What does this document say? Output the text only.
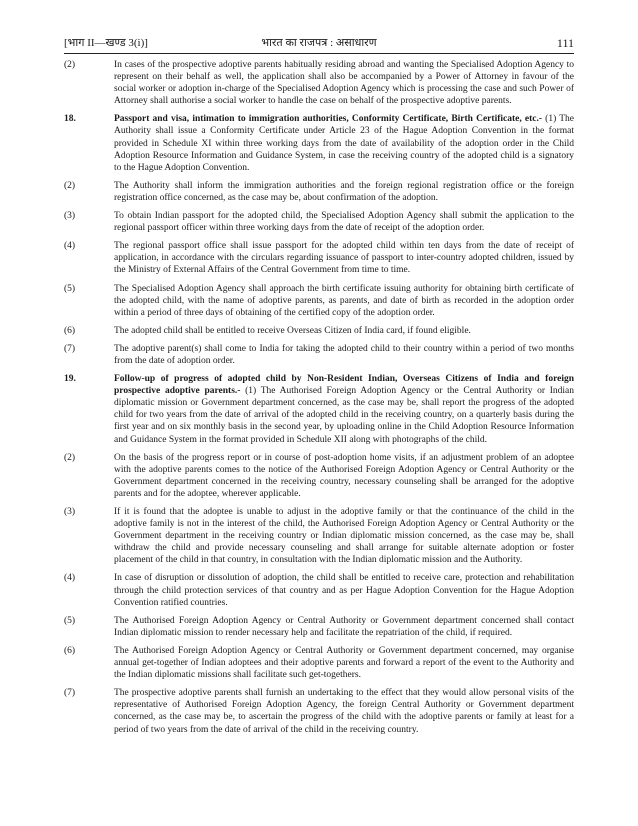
[भाग II—खण्ड 3(i)]	भारत का राजपत्र : असाधारण	111
(2)	In cases of the prospective adoptive parents habitually residing abroad and wanting the Specialised Adoption Agency to represent on their behalf as well, the application shall also be accompanied by a Power of Attorney in favour of the social worker or adoption in-charge of the Specialised Adoption Agency which is processing the case and such Power of Attorney shall authorise a social worker to handle the case on behalf of the prospective adoptive parents.
18.	Passport and visa, intimation to immigration authorities, Conformity Certificate, Birth Certificate, etc.- (1) The Authority shall issue a Conformity Certificate under Article 23 of the Hague Adoption Convention in the format provided in Schedule XI within three working days from the date of availability of the adoption order in the Child Adoption Resource Information and Guidance System, in case the receiving country of the adopted child is a signatory to the Hague Adoption Convention.
(2)	The Authority shall inform the immigration authorities and the foreign regional registration office or the foreign registration office concerned, as the case may be, about confirmation of the adoption.
(3)	To obtain Indian passport for the adopted child, the Specialised Adoption Agency shall submit the application to the regional passport officer within three working days from the date of receipt of the adoption order.
(4)	The regional passport office shall issue passport for the adopted child within ten days from the date of receipt of application, in accordance with the circulars regarding issuance of passport to inter-country adopted children, issued by the Ministry of External Affairs of the Central Government from time to time.
(5)	The Specialised Adoption Agency shall approach the birth certificate issuing authority for obtaining birth certificate of the adopted child, with the name of adoptive parents, as parents, and date of birth as recorded in the adoption order within a period of three days of obtaining of the certified copy of the adoption order.
(6)	The adopted child shall be entitled to receive Overseas Citizen of India card, if found eligible.
(7)	The adoptive parent(s) shall come to India for taking the adopted child to their country within a period of two months from the date of adoption order.
19.	Follow-up of progress of adopted child by Non-Resident Indian, Overseas Citizens of India and foreign prospective adoptive parents.- (1) The Authorised Foreign Adoption Agency or the Central Authority or Indian diplomatic mission or Government department concerned, as the case may be, shall report the progress of the adopted child for two years from the date of arrival of the adopted child in the receiving country, on a quarterly basis during the first year and on six monthly basis in the second year, by uploading online in the Child Adoption Resource Information and Guidance System in the format provided in Schedule XII along with photographs of the child.
(2)	On the basis of the progress report or in course of post-adoption home visits, if an adjustment problem of an adoptee with the adoptive parents comes to the notice of the Authorised Foreign Adoption Agency or Central Authority or the Government department concerned in the receiving country, necessary counseling shall be arranged for the adoptive parents and for the adoptee, wherever applicable.
(3)	If it is found that the adoptee is unable to adjust in the adoptive family or that the continuance of the child in the adoptive family is not in the interest of the child, the Authorised Foreign Adoption Agency or Central Authority or the Government department in the receiving country or Indian diplomatic mission concerned, as the case may be, shall withdraw the child and provide necessary counseling and shall arrange for suitable alternate adoption or foster placement of the child in that country, in consultation with the Indian diplomatic mission and the Authority.
(4)	In case of disruption or dissolution of adoption, the child shall be entitled to receive care, protection and rehabilitation through the child protection services of that country and as per Hague Adoption Convention for the Hague Adoption Convention ratified countries.
(5)	The Authorised Foreign Adoption Agency or Central Authority or Government department concerned shall contact Indian diplomatic mission to render necessary help and facilitate the repatriation of the child, if required.
(6)	The Authorised Foreign Adoption Agency or Central Authority or Government department concerned, may organise annual get-together of Indian adoptees and their adoptive parents and forward a report of the event to the Authority and the Indian diplomatic missions shall facilitate such get-togethers.
(7)	The prospective adoptive parents shall furnish an undertaking to the effect that they would allow personal visits of the representative of Authorised Foreign Adoption Agency, the foreign Central Authority or Government department concerned, as the case may be, to ascertain the progress of the child with the adoptive parents or family at least for a period of two years from the date of arrival of the child in the receiving country.
